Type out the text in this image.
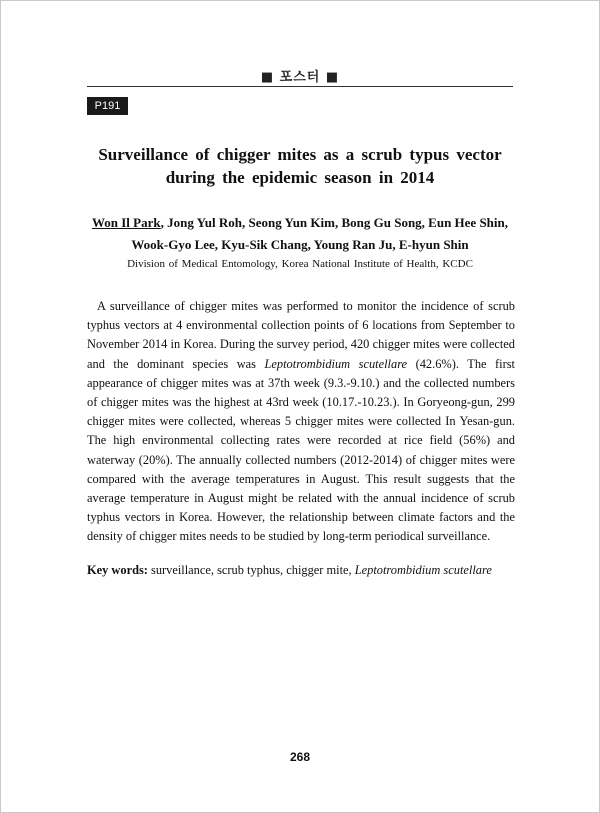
■ 포스터 ■
P191
Surveillance of chigger mites as a scrub typus vector
during the epidemic season in 2014
Won Il Park, Jong Yul Roh, Seong Yun Kim, Bong Gu Song, Eun Hee Shin,
Wook-Gyo Lee, Kyu-Sik Chang, Young Ran Ju, E-hyun Shin
Division of Medical Entomology, Korea National Institute of Health, KCDC

A surveillance of chigger mites was performed to monitor the incidence of scrub typhus vectors at 4 environmental collection points of 6 locations from September to November 2014 in Korea. During the survey period, 420 chigger mites were collected and the dominant species was Leptotrombidium scutellare (42.6%). The first appearance of chigger mites was at 37th week (9.3.-9.10.) and the collected numbers of chigger mites was the highest at 43rd week (10.17.-10.23.). In Goryeong-gun, 299 chigger mites were collected, whereas 5 chigger mites were collected In Yesan-gun. The high environmental collecting rates were recorded at rice field (56%) and waterway (20%). The annually collected numbers (2012-2014) of chigger mites were compared with the average temperatures in August. This result suggests that the average temperature in August might be related with the annual incidence of scrub typhus vectors in Korea. However, the relationship between climate factors and the density of chigger mites needs to be studied by long-term periodical surveillance.

Key words: surveillance, scrub typhus, chigger mite, Leptotrombidium scutellare

268
